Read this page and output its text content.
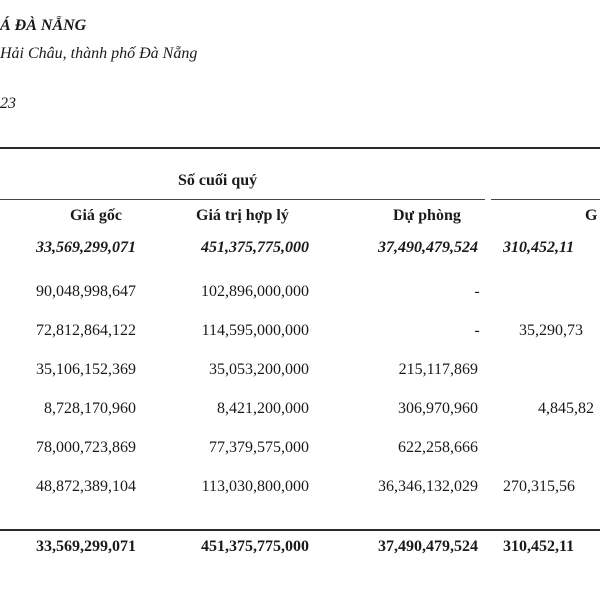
Á ĐÀ NẴNG
Hải Châu, thành phố Đà Nẵng
23
Số cuối quý
Giá gốc	Giá trị hợp lý	Dự phòng	G
33,569,299,071	451,375,775,000	37,490,479,524 310,452,11
90,048,998,647	102,896,000,000	-
72,812,864,122	114,595,000,000	- 35,290,73
35,106,152,369	35,053,200,000	215,117,869
8,728,170,960	8,421,200,000	306,970,960	4,845,82
78,000,723,869	77,379,575,000	622,258,666
48,872,389,104	113,030,800,000	36,346,132,029 270,315,56
33,569,299,071	451,375,775,000	37,490,479,524 310,452,11
